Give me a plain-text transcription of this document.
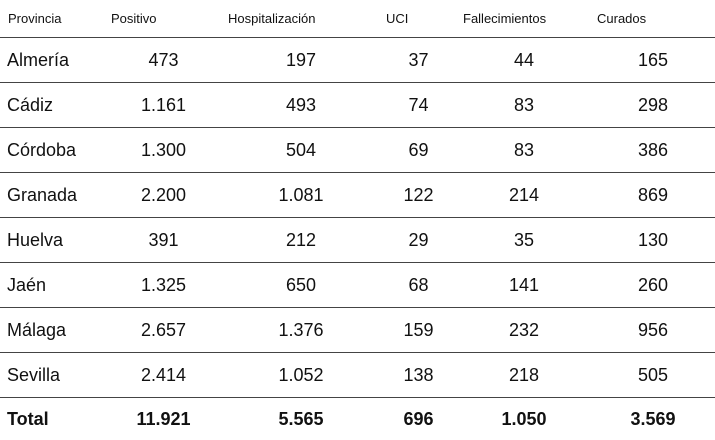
Provincia	Positivo	Hospitalización	UCI	Fallecimientos	Curados
Almería	473	197	37	44	165
Cádiz	1.161	493	74	83	298
Córdoba	1.300	504	69	83	386
Granada	2.200	1.081	122	214	869
Huelva	391	212	29	35	130
Jaén	1.325	650	68	141	260
Málaga	2.657	1.376	159	232	956
Sevilla	2.414	1.052	138	218	505
Total	11.921	5.565	696	1.050	3.569
